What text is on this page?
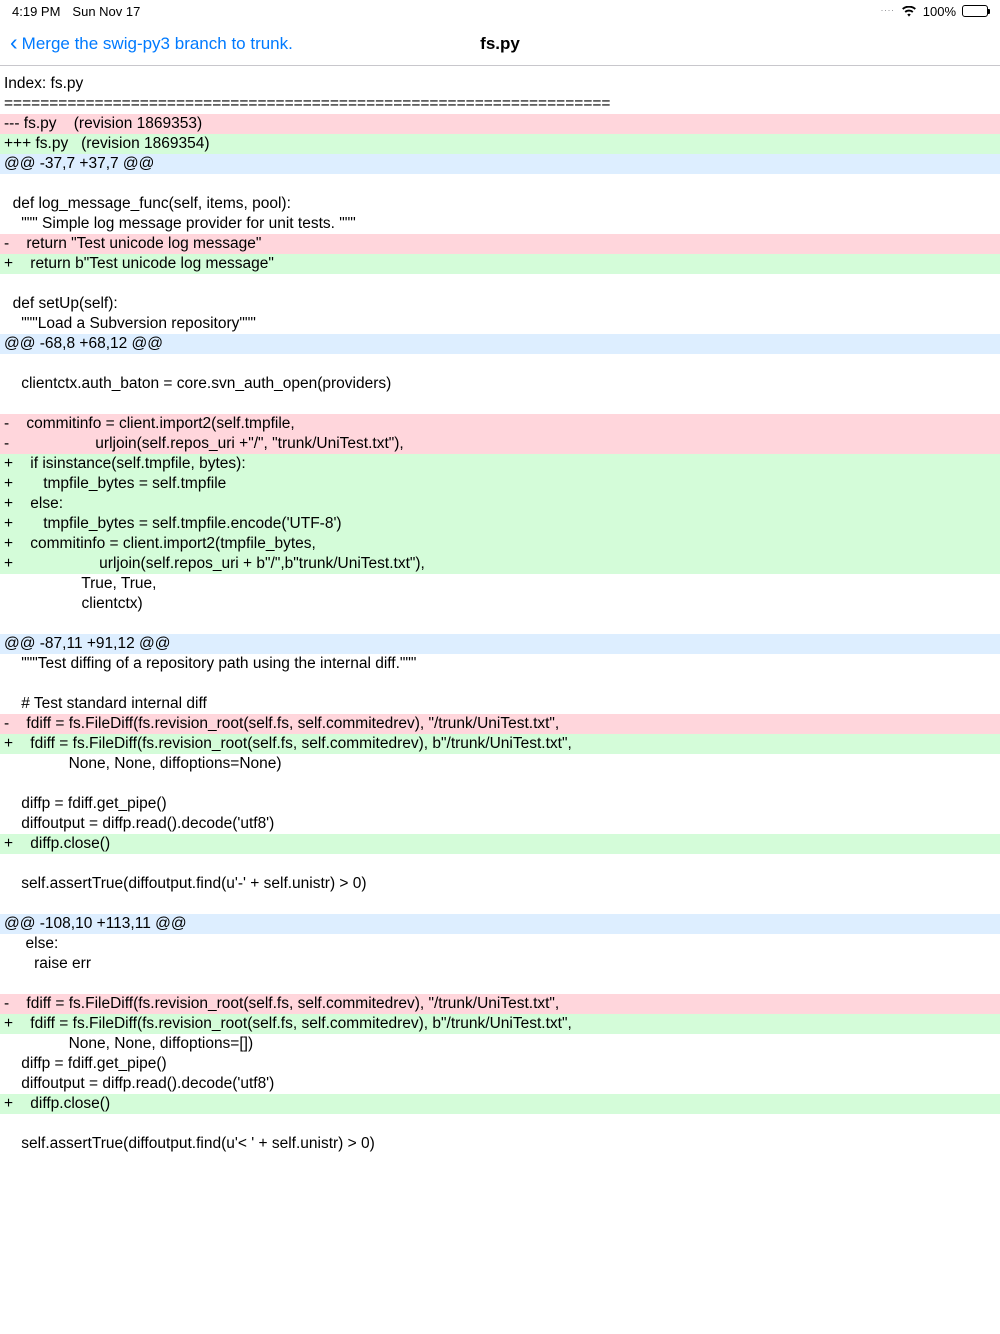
4:19 PM Sun Nov 17	.... 100%
‹ Merge the swig-py3 branch to trunk.	fs.py
Index: fs.py
===================================================================
--- fs.py    (revision 1869353)
+++ fs.py   (revision 1869354)
@@ -37,7 +37,7 @@

def log_message_func(self, items, pool):
""" Simple log message provider for unit tests. """
-    return "Test unicode log message"
+    return b"Test unicode log message"

def setUp(self):
"""Load a Subversion repository"""
@@ -68,8 +68,12 @@

clientctx.auth_baton = core.svn_auth_open(providers)

-    commitinfo = client.import2(self.tmpfile,
-                    urljoin(self.repos_uri +"/", "trunk/UniTest.txt"),
+    if isinstance(self.tmpfile, bytes):
+       tmpfile_bytes = self.tmpfile
+    else:
+       tmpfile_bytes = self.tmpfile.encode('UTF-8')
+    commitinfo = client.import2(tmpfile_bytes,
+                    urljoin(self.repos_uri + b"/",b"trunk/UniTest.txt"),
True, True,
clientctx)

@@ -87,11 +91,12 @@
"""Test diffing of a repository path using the internal diff."""

# Test standard internal diff
-    fdiff = fs.FileDiff(fs.revision_root(self.fs, self.commitedrev), "/trunk/UniTest.txt",
+    fdiff = fs.FileDiff(fs.revision_root(self.fs, self.commitedrev), b"/trunk/UniTest.txt",
None, None, diffoptions=None)

diffp = fdiff.get_pipe()
diffoutput = diffp.read().decode('utf8')
+    diffp.close()

self.assertTrue(diffoutput.find(u'-' + self.unistr) > 0)

@@ -108,10 +113,11 @@
else:
raise err

-    fdiff = fs.FileDiff(fs.revision_root(self.fs, self.commitedrev), "/trunk/UniTest.txt",
+    fdiff = fs.FileDiff(fs.revision_root(self.fs, self.commitedrev), b"/trunk/UniTest.txt",
None, None, diffoptions=[])
diffp = fdiff.get_pipe()
diffoutput = diffp.read().decode('utf8')
+    diffp.close()

self.assertTrue(diffoutput.find(u'< ' + self.unistr) > 0)
